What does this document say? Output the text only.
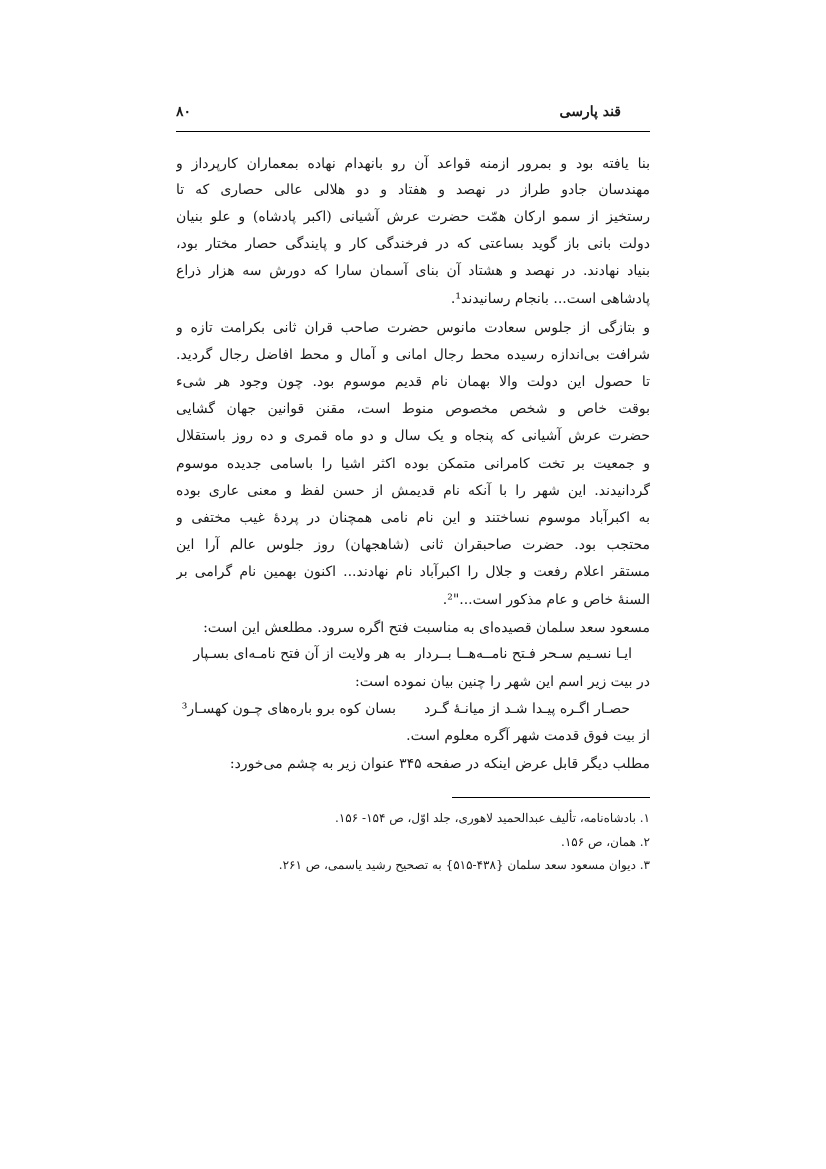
قند پارسی
۸۰
بنا یافته بود و بمرور ازمنه قواعد آن رو بانهدام نهاده بمعماران کارپرداز و
مهندسان جادو طراز در نهصد و هفتاد و دو هلالی عالی حصاری که تا
رستخیز از سمو ارکان همّت حضرت عرش آشیانی (اکبر پادشاه) و علو بنیان
دولت بانی باز گوید بساعتی که در فرخندگی کار و پایندگی حصار مختار بود،
بنیاد نهادند. در نهصد و هشتاد آن بنای آسمان سارا که دورش سه هزار ذراع
پادشاهی است... بانجام رسانیدند¹.
و بتازگی از جلوس سعادت مانوس حضرت صاحب قران ثانی بکرامت تازه و
شرافت بی‌اندازه رسیده محط رجال امانی و آمال و محط افاضل رجال گردید.
تا حصول این دولت والا بهمان نام قدیم موسوم بود. چون وجود هر شیء
بوقت خاص و شخص مخصوص منوط است، مقنن قوانین جهان گشایی
حضرت عرش آشیانی که پنجاه و یک سال و دو ماه قمری و ده روز باستقلال
و جمعیت بر تخت کامرانی متمکن بوده اکثر اشیا را باسامی جدیده موسوم
گردانیدند. این شهر را با آنکه نام قدیمش از حسن لفظ و معنی عاری بوده
به اکبرآباد موسوم نساختند و این نام نامی همچنان در پردهٔ غیب مختفی و
محتجب بود. حضرت صاحبقران ثانی (شاهجهان) روز جلوس عالم آرا این
مستقر اعلام رفعت و جلال را اکبرآباد نام نهادند... اکنون بهمین نام گرامی بر
السنهٔ خاص و عام مذکور است..."².
مسعود سعد سلمان قصیده‌ای به مناسبت فتح اگره سرود. مطلعش این است:
ایـا نسـیم سـحر فـتح نامــه‌هــا بــردار
به هر ولایت از آن فتح نامـه‌ای بسـپار
در بیت زیر اسم این شهر را چنین بیان نموده است:
حصـار اگـره پیـدا شـد از میانـهٔ گـرد
بسان کوه برو باره‌های چـون کهسـار³
از بیت فوق قدمت شهر آگره معلوم است.
مطلب دیگر قابل عرض اینکه در صفحه ۳۴۵ عنوان زیر به چشم می‌خورد:
۱. بادشاه‌نامه، تألیف عبدالحمید لاهوری، جلد اوّل، ص ۱۵۴- ۱۵۶.
۲. همان، ص ۱۵۶.
۳. دیوان مسعود سعد سلمان {۴۳۸-۵۱۵} به تصحیح رشید یاسمی، ص ۲۶۱.
